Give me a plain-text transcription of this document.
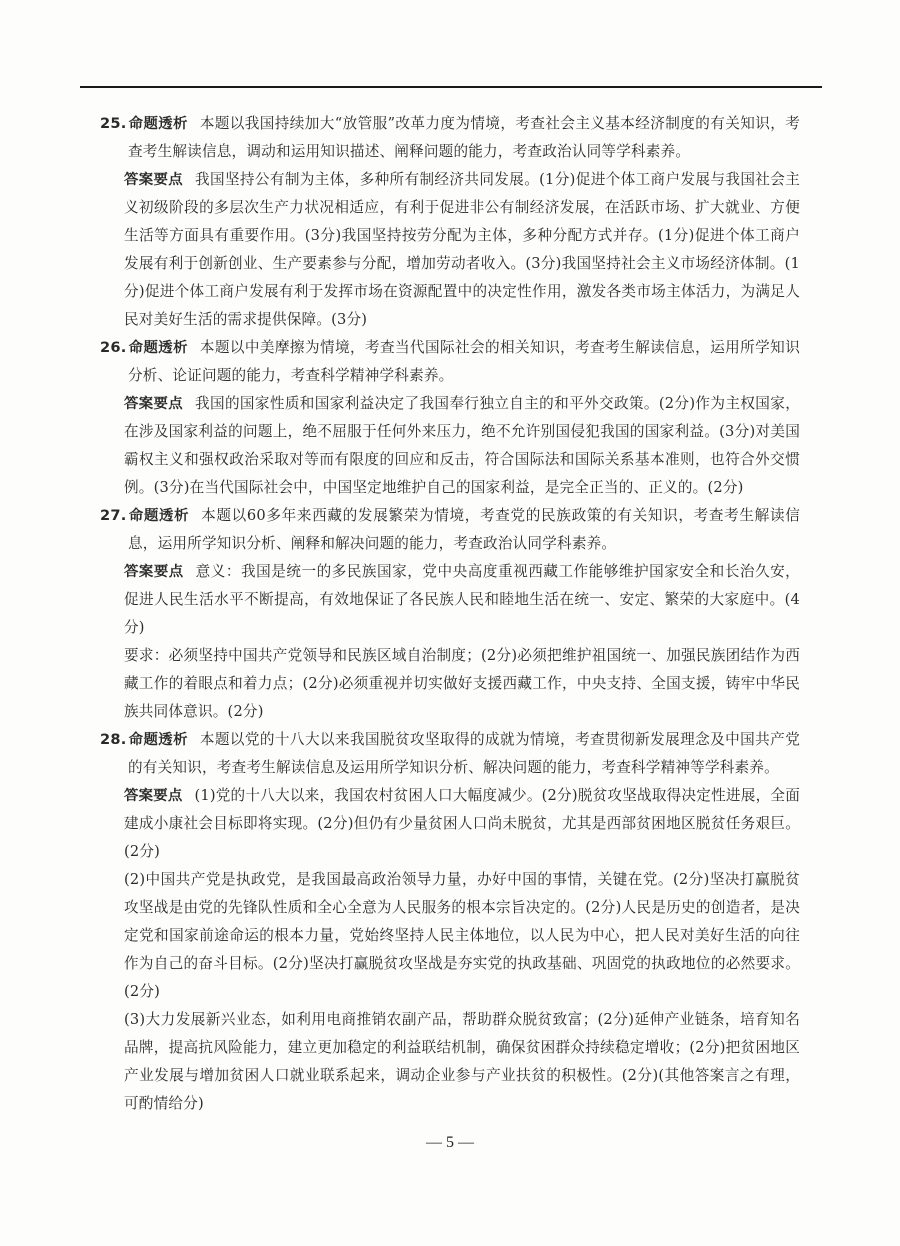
25. 命题透析 本题以我国持续加大“放管服”改革力度为情境，考查社会主义基本经济制度的有关知识，考查考生解读信息，调动和运用知识描述、阐释问题的能力，考查政治认同等学科素养。

答案要点 我国坚持公有制为主体，多种所有制经济共同发展。(1分)促进个体工商户发展与我国社会主义初级阶段的多层次生产力状况相适应，有利于促进非公有制经济发展，在活跃市场、扩大就业、方便生活等方面具有重要作用。(3分)我国坚持按劳分配为主体，多种分配方式并存。(1分)促进个体工商户发展有利于创新创业、生产要素参与分配，增加劳动者收入。(3分)我国坚持社会主义市场经济体制。(1分)促进个体工商户发展有利于发挥市场在资源配置中的决定性作用，激发各类市场主体活力，为满足人民对美好生活的需求提供保障。(3分)

26. 命题透析 本题以中美摩擦为情境，考查当代国际社会的相关知识，考查考生解读信息，运用所学知识分析、论证问题的能力，考查科学精神学科素养。

答案要点 我国的国家性质和国家利益决定了我国奉行独立自主的和平外交政策。(2分)作为主权国家，在涉及国家利益的问题上，绝不屈服于任何外来压力，绝不允许别国侵犯我国的国家利益。(3分)对美国霸权主义和强权政治采取对等而有限度的回应和反击，符合国际法和国际关系基本准则，也符合外交惯例。(3分)在当代国际社会中，中国坚定地维护自己的国家利益，是完全正当的、正义的。(2分)

27. 命题透析 本题以60多年来西藏的发展繁荣为情境，考查党的民族政策的有关知识，考查考生解读信息，运用所学知识分析、阐释和解决问题的能力，考查政治认同学科素养。

答案要点 意义：我国是统一的多民族国家，党中央高度重视西藏工作能够维护国家安全和长治久安，促进人民生活水平不断提高，有效地保证了各民族人民和睦地生活在统一、安定、繁荣的大家庭中。(4分)

要求：必须坚持中国共产党领导和民族区域自治制度；(2分)必须把维护祖国统一、加强民族团结作为西藏工作的着眼点和着力点；(2分)必须重视并切实做好支援西藏工作，中央支持、全国支援，铸牢中华民族共同体意识。(2分)

28. 命题透析 本题以党的十八大以来我国脱贫攻坚取得的成就为情境，考查贯彻新发展理念及中国共产党的有关知识，考查考生解读信息及运用所学知识分析、解决问题的能力，考查科学精神等学科素养。

答案要点 (1)党的十八大以来，我国农村贫困人口大幅度减少。(2分)脱贫攻坚战取得决定性进展，全面建成小康社会目标即将实现。(2分)但仍有少量贫困人口尚未脱贫，尤其是西部贫困地区脱贫任务艰巨。(2分)

(2)中国共产党是执政党，是我国最高政治领导力量，办好中国的事情，关键在党。(2分)坚决打赢脱贫攻坚战是由党的先锋队性质和全心全意为人民服务的根本宗旨决定的。(2分)人民是历史的创造者，是决定党和国家前途命运的根本力量，党始终坚持人民主体地位，以人民为中心，把人民对美好生活的向往作为自己的奋斗目标。(2分)坚决打赢脱贫攻坚战是夯实党的执政基础、巩固党的执政地位的必然要求。(2分)

(3)大力发展新兴业态，如利用电商推销农副产品，帮助群众脱贫致富；(2分)延伸产业链条，培育知名品牌，提高抗风险能力，建立更加稳定的利益联结机制，确保贫困群众持续稳定增收；(2分)把贫困地区产业发展与增加贫困人口就业联系起来，调动企业参与产业扶贫的积极性。(2分)(其他答案言之有理，可酌情给分)

— 5 —
